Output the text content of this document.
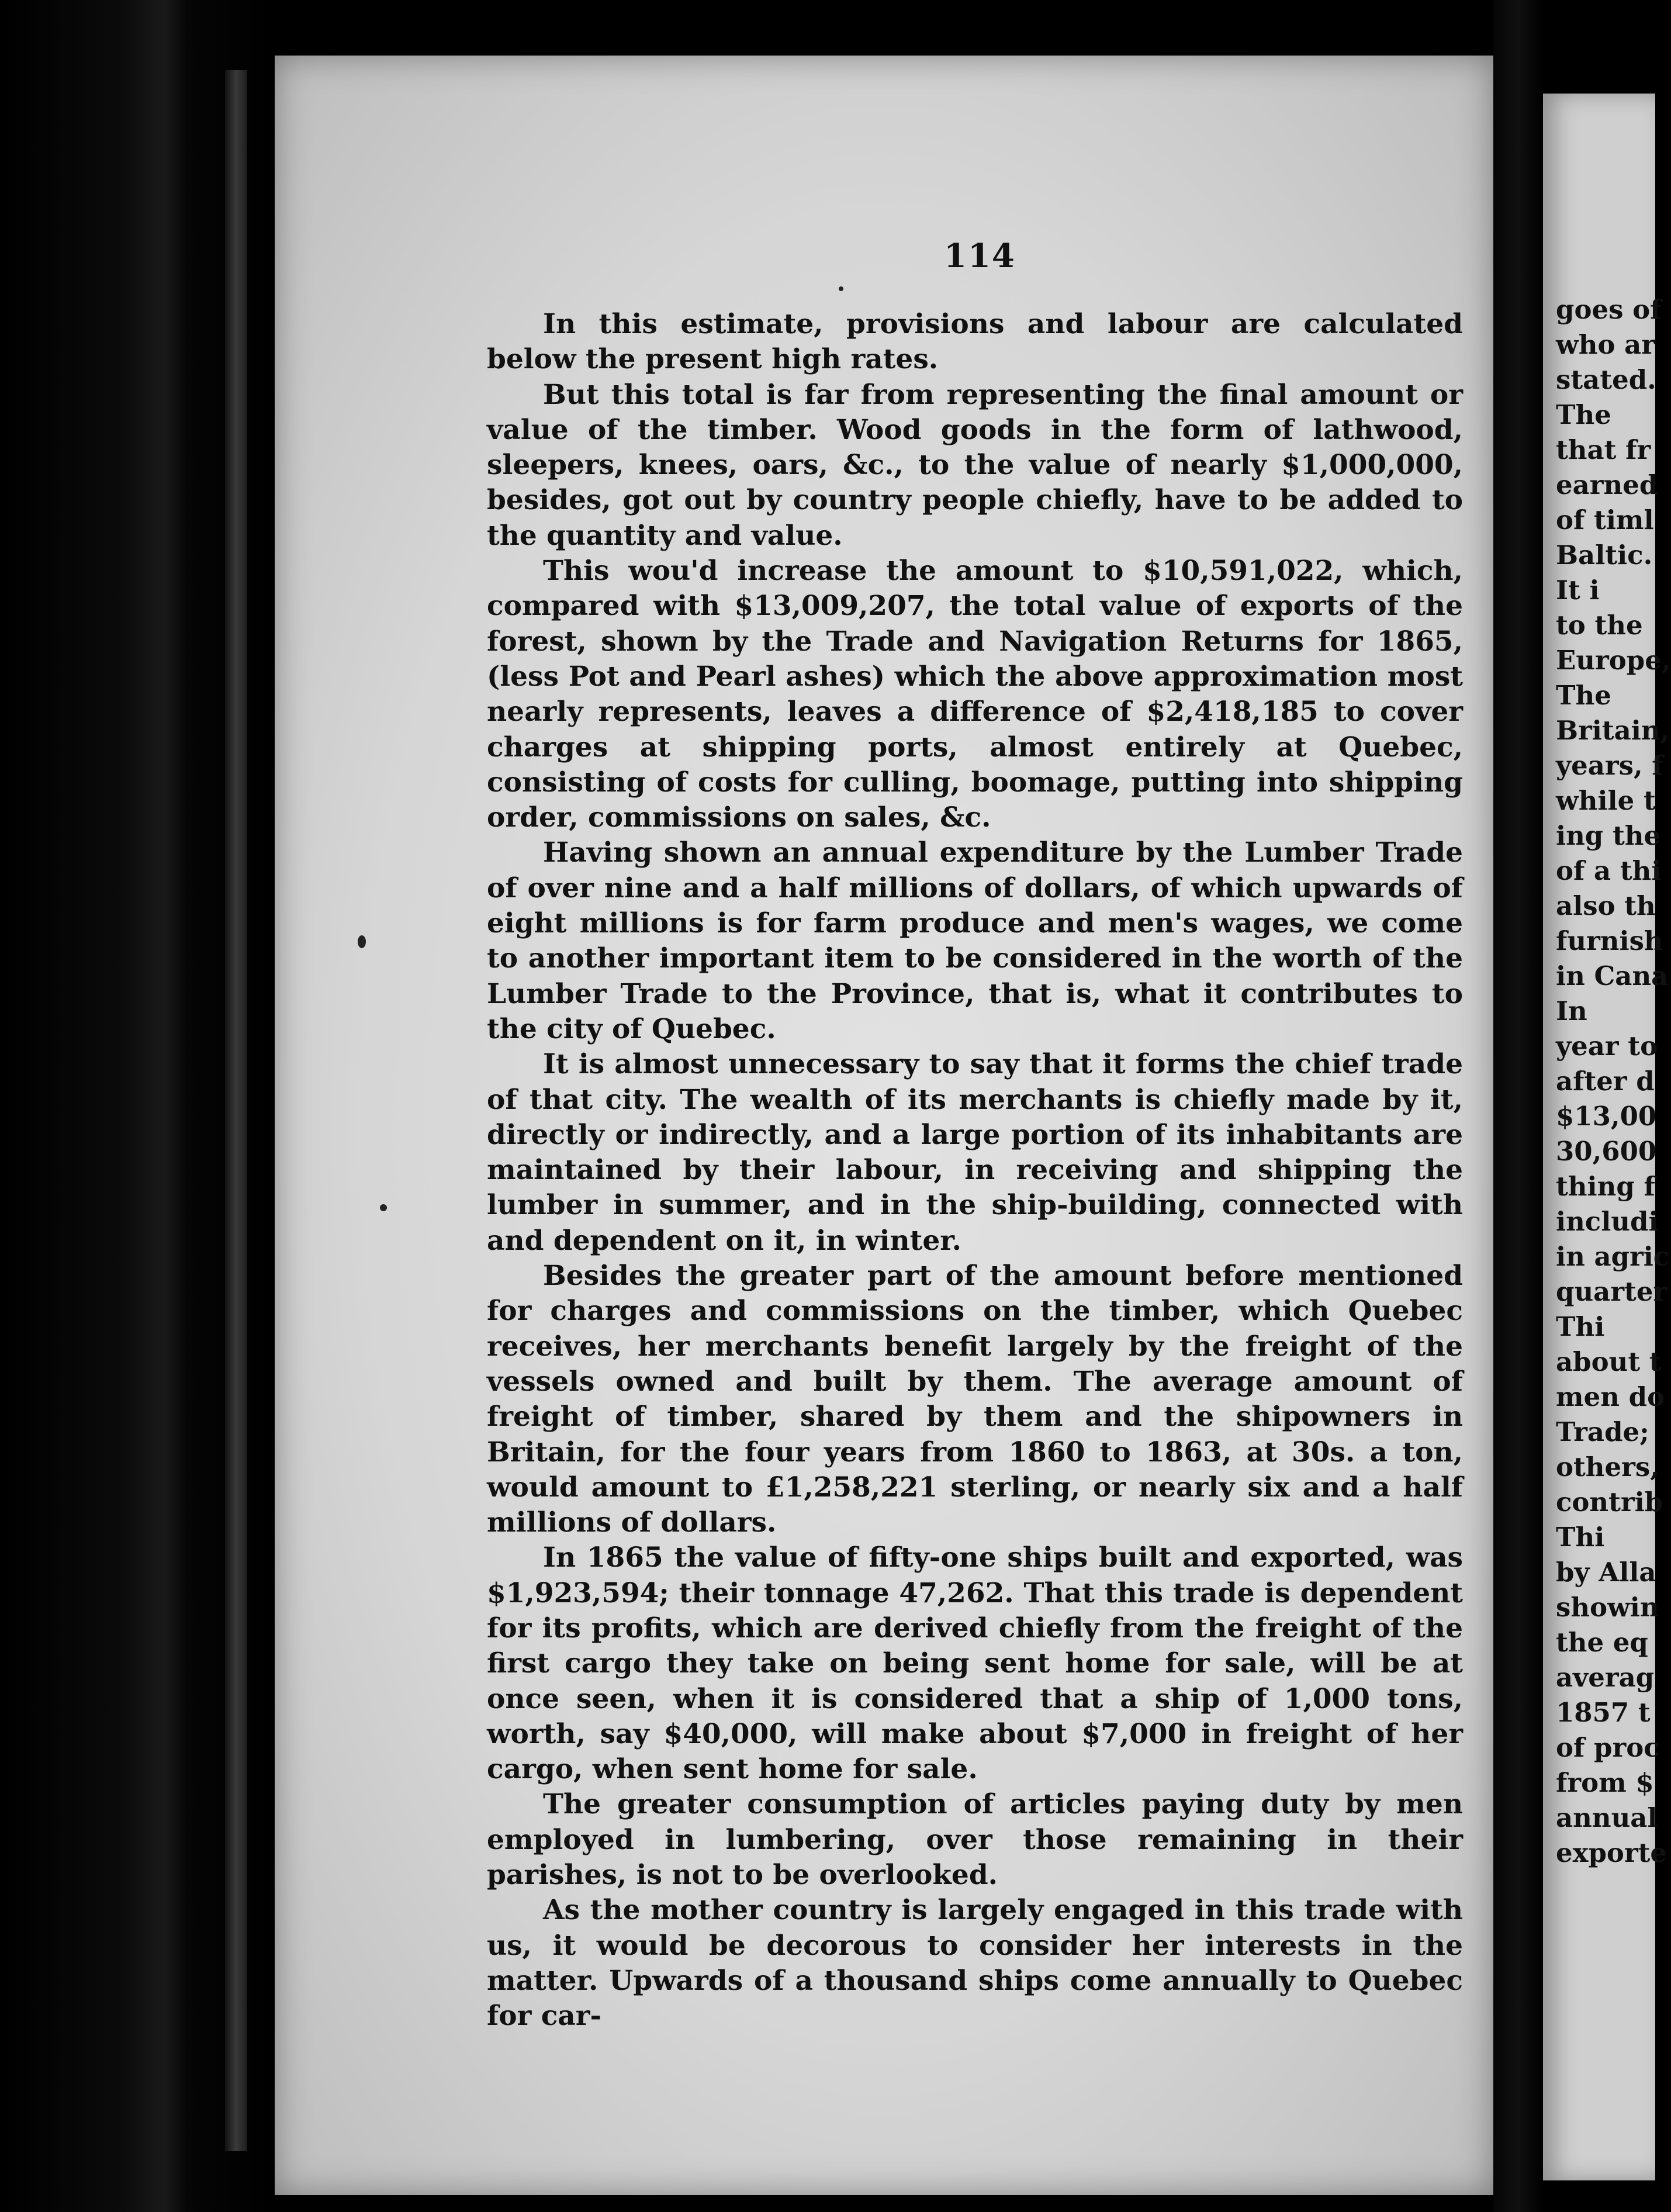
114

In this estimate, provisions and labour are calculated below the present high rates.

But this total is far from representing the final amount or value of the timber. Wood goods in the form of lathwood, sleepers, knees, oars, &c., to the value of nearly $1,000,000, besides, got out by country people chiefly, have to be added to the quantity and value.

This wou'd increase the amount to $10,591,022, which, compared with $13,009,207, the total value of exports of the forest, shown by the Trade and Navigation Returns for 1865, (less Pot and Pearl ashes) which the above approximation most nearly represents, leaves a difference of $2,418,185 to cover charges at shipping ports, almost entirely at Quebec, consisting of costs for culling, boomage, putting into shipping order, commissions on sales, &c.

Having shown an annual expenditure by the Lumber Trade of over nine and a half millions of dollars, of which upwards of eight millions is for farm produce and men's wages, we come to another important item to be considered in the worth of the Lumber Trade to the Province, that is, what it contributes to the city of Quebec.

It is almost unnecessary to say that it forms the chief trade of that city. The wealth of its merchants is chiefly made by it, directly or indirectly, and a large portion of its inhabitants are maintained by their labour, in receiving and shipping the lumber in summer, and in the ship-building, connected with and dependent on it, in winter.

Besides the greater part of the amount before mentioned for charges and commissions on the timber, which Quebec receives, her merchants benefit largely by the freight of the vessels owned and built by them. The average amount of freight of timber, shared by them and the shipowners in Britain, for the four years from 1860 to 1863, at 30s. a ton, would amount to £1,258,221 sterling, or nearly six and a half millions of dollars.

In 1865 the value of fifty-one ships built and exported, was $1,923,594; their tonnage 47,262. That this trade is dependent for its profits, which are derived chiefly from the freight of the first cargo they take on being sent home for sale, will be at once seen, when it is considered that a ship of 1,000 tons, worth, say $40,000, will make about $7,000 in freight of her cargo, when sent home for sale.

The greater consumption of articles paying duty by men employed in lumbering, over those remaining in their parishes, is not to be overlooked.

As the mother country is largely engaged in this trade with us, it would be decorous to consider her interests in the matter. Upwards of a thousand ships come annually to Quebec for car-

goes of
who ar
stated.
The
that fr
earned
of timl
Baltic.
It i
to the
Europe,
The
Britain,
years, f
while t
ing the
of a thi
also th
furnish
in Cana
In
year to
after d
$13,00
30,600
thing f
includi
in agric
quarter
Thi
about t
men do
Trade;
others,
contrib
Thi
by Alla
showin
the eq
averag
1857 t
of proc
from $
annual
exporte
